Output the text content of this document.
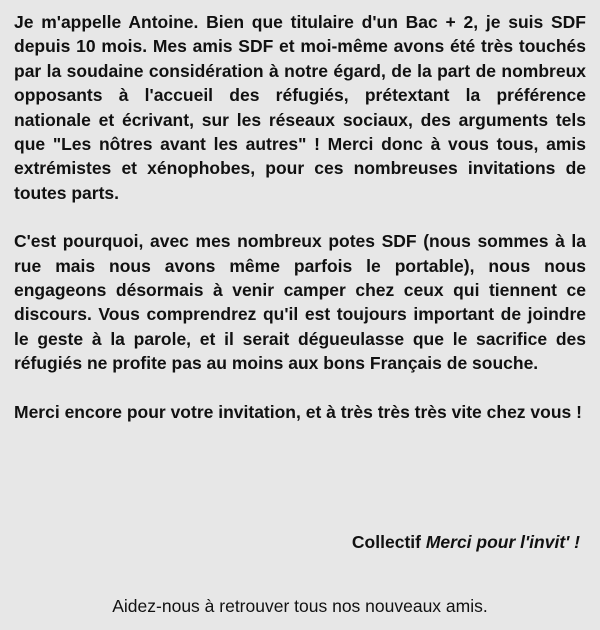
Je m'appelle Antoine. Bien que titulaire d'un Bac + 2, je suis SDF depuis 10 mois. Mes amis SDF et moi-même avons été très touchés par la soudaine considération à notre égard, de la part de nombreux opposants à l'accueil des réfugiés, prétextant la préférence nationale et écrivant, sur les réseaux sociaux, des arguments tels que "Les nôtres avant les autres" ! Merci donc à vous tous, amis extrémistes et xénophobes, pour ces nombreuses invitations de toutes parts.

C'est pourquoi, avec mes nombreux potes SDF (nous sommes à la rue mais nous avons même parfois le portable), nous nous engageons désormais à venir camper chez ceux qui tiennent ce discours. Vous comprendrez qu'il est toujours important de joindre le geste à la parole, et il serait dégueulasse que le sacrifice des réfugiés ne profite pas au moins aux bons Français de souche.

Merci encore pour votre invitation, et à très très très vite chez vous !

Collectif Merci pour l'invit' !
Aidez-nous à retrouver tous nos nouveaux amis.
